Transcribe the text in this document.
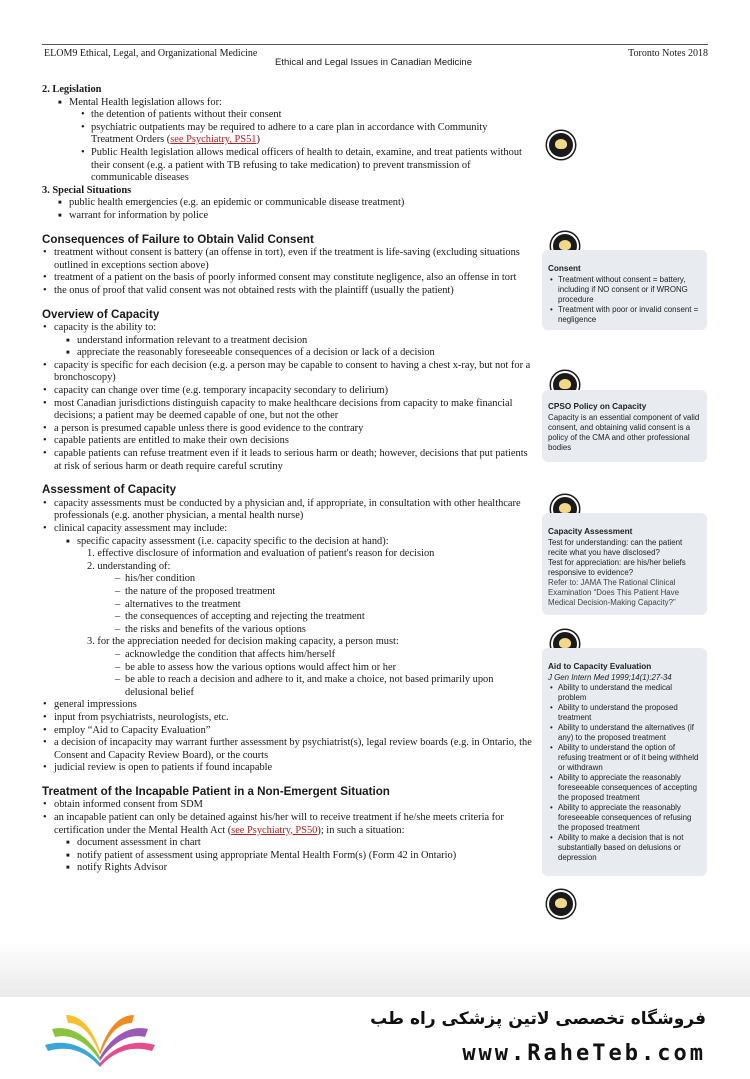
ELOM9 Ethical, Legal, and Organizational Medicine
Ethical and Legal Issues in Canadian Medicine
Toronto Notes 2018
2. Legislation
■ Mental Health legislation allows for:
• the detention of patients without their consent
• psychiatric outpatients may be required to adhere to a care plan in accordance with Community Treatment Orders (see Psychiatry, PS51)
• Public Health legislation allows medical officers of health to detain, examine, and treat patients without their consent (e.g. a patient with TB refusing to take medication) to prevent transmission of communicable diseases
3. Special Situations
■ public health emergencies (e.g. an epidemic or communicable disease treatment)
■ warrant for information by police
Consequences of Failure to Obtain Valid Consent
• treatment without consent is battery (an offense in tort), even if the treatment is life-saving (excluding situations outlined in exceptions section above)
• treatment of a patient on the basis of poorly informed consent may constitute negligence, also an offense in tort
• the onus of proof that valid consent was not obtained rests with the plaintiff (usually the patient)
Overview of Capacity
• capacity is the ability to:
■ understand information relevant to a treatment decision
■ appreciate the reasonably foreseeable consequences of a decision or lack of a decision
• capacity is specific for each decision (e.g. a person may be capable to consent to having a chest x-ray, but not for a bronchoscopy)
• capacity can change over time (e.g. temporary incapacity secondary to delirium)
• most Canadian jurisdictions distinguish capacity to make healthcare decisions from capacity to make financial decisions; a patient may be deemed capable of one, but not the other
• a person is presumed capable unless there is good evidence to the contrary
• capable patients are entitled to make their own decisions
• capable patients can refuse treatment even if it leads to serious harm or death; however, decisions that put patients at risk of serious harm or death require careful scrutiny
Assessment of Capacity
• capacity assessments must be conducted by a physician and, if appropriate, in consultation with other healthcare professionals (e.g. another physician, a mental health nurse)
• clinical capacity assessment may include:
■ specific capacity assessment (i.e. capacity specific to the decision at hand):
1. effective disclosure of information and evaluation of patient's reason for decision
2. understanding of:
– his/her condition
– the nature of the proposed treatment
– alternatives to the treatment
– the consequences of accepting and rejecting the treatment
– the risks and benefits of the various options
3. for the appreciation needed for decision making capacity, a person must:
– acknowledge the condition that affects him/herself
– be able to assess how the various options would affect him or her
– be able to reach a decision and adhere to it, and make a choice, not based primarily upon delusional belief
• general impressions
• input from psychiatrists, neurologists, etc.
• employ “Aid to Capacity Evaluation”
• a decision of incapacity may warrant further assessment by psychiatrist(s), legal review boards (e.g. in Ontario, the Consent and Capacity Review Board), or the courts
• judicial review is open to patients if found incapable
Treatment of the Incapable Patient in a Non-Emergent Situation
• obtain informed consent from SDM
• an incapable patient can only be detained against his/her will to receive treatment if he/she meets criteria for certification under the Mental Health Act (see Psychiatry, PS50); in such a situation:
■ document assessment in chart
■ notify patient of assessment using appropriate Mental Health Form(s) (Form 42 in Ontario)
■ notify Rights Advisor
Consent
• Treatment without consent = battery, including if NO consent or if WRONG procedure
• Treatment with poor or invalid consent = negligence
CPSO Policy on Capacity
Capacity is an essential component of valid consent, and obtaining valid consent is a policy of the CMA and other professional bodies
Capacity Assessment
Test for understanding: can the patient recite what you have disclosed?
Test for appreciation: are his/her beliefs responsive to evidence?
Refer to: JAMA The Rational Clinical Examination “Does This Patient Have Medical Decision-Making Capacity?”
Aid to Capacity Evaluation
J Gen Intern Med 1999;14(1):27-34
• Ability to understand the medical problem
• Ability to understand the proposed treatment
• Ability to understand the alternatives (if any) to the proposed treatment
• Ability to understand the option of refusing treatment or of it being withheld or withdrawn
• Ability to appreciate the reasonably foreseeable consequences of accepting the proposed treatment
• Ability to appreciate the reasonably foreseeable consequences of refusing the proposed treatment
• Ability to make a decision that is not substantially based on delusions or depression
فروشگاه تخصصی لاتین پزشکی راه طب
www.RaheTeb.com
